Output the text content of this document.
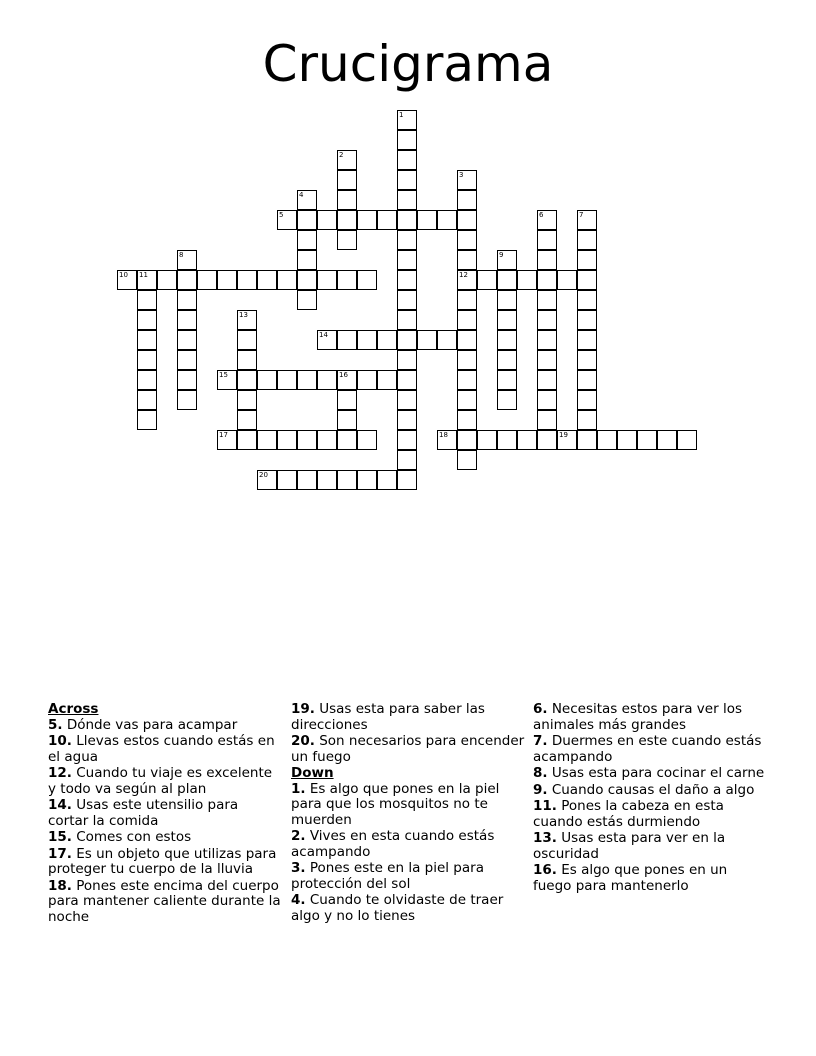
Crucigrama
1
2
3
12
4
5	6	7
8	9
10 11
13
14
15	16
17	18	19
20
Across
5. Dónde vas para acampar
10. Llevas estos cuando estás en el agua
12. Cuando tu viaje es excelente y todo va según al plan
14. Usas este utensilio para cortar la comida
15. Comes con estos
17. Es un objeto que utilizas para proteger tu cuerpo de la lluvia
18. Pones este encima del cuerpo para mantener caliente durante la noche
19. Usas esta para saber las direcciones
20. Son necesarios para encender un fuego
Down
1. Es algo que pones en la piel para que los mosquitos no te muerden
2. Vives en esta cuando estás acampando
3. Pones este en la piel para protección del sol
4. Cuando te olvidaste de traer algo y no lo tienes
6. Necesitas estos para ver los animales más grandes
7. Duermes en este cuando estás acampando
8. Usas esta para cocinar el carne
9. Cuando causas el daño a algo
11. Pones la cabeza en esta cuando estás durmiendo
13. Usas esta para ver en la oscuridad
16. Es algo que pones en un fuego para mantenerlo
